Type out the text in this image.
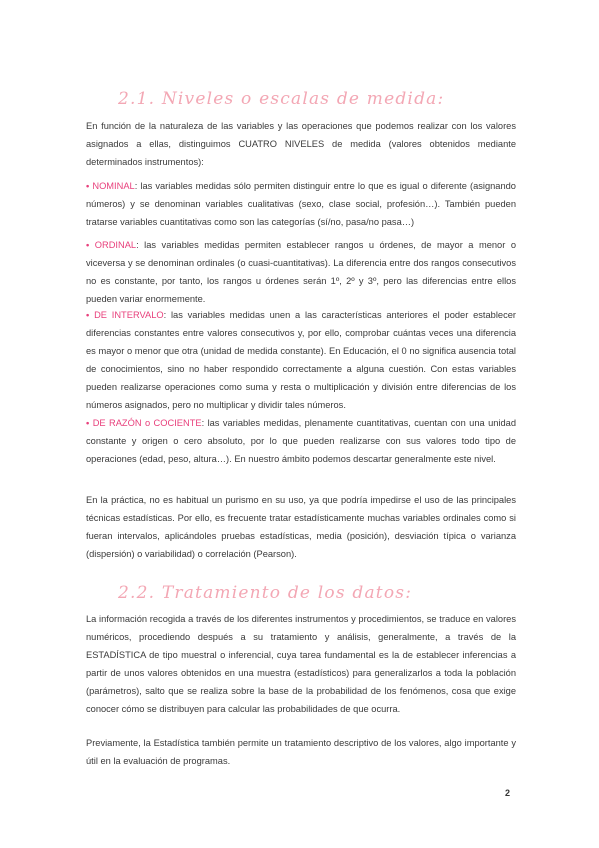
2.1. Niveles o escalas de medida:

En función de la naturaleza de las variables y las operaciones que podemos realizar con los valores asignados a ellas, distinguimos CUATRO NIVELES de medida (valores obtenidos mediante determinados instrumentos):

• NOMINAL: las variables medidas sólo permiten distinguir entre lo que es igual o diferente (asignando números) y se denominan variables cualitativas (sexo, clase social, profesión…). También pueden tratarse variables cuantitativas como son las categorías (sí/no, pasa/no pasa…)

• ORDINAL: las variables medidas permiten establecer rangos u órdenes, de mayor a menor o viceversa y se denominan ordinales (o cuasi-cuantitativas). La diferencia entre dos rangos consecutivos no es constante, por tanto, los rangos u órdenes serán 1º, 2º y 3º, pero las diferencias entre ellos pueden variar enormemente.

• DE INTERVALO: las variables medidas unen a las características anteriores el poder establecer diferencias constantes entre valores consecutivos y, por ello, comprobar cuántas veces una diferencia es mayor o menor que otra (unidad de medida constante). En Educación, el 0 no significa ausencia total de conocimientos, sino no haber respondido correctamente a alguna cuestión. Con estas variables pueden realizarse operaciones como suma y resta o multiplicación y división entre diferencias de los números asignados, pero no multiplicar y dividir tales números.

• DE RAZÓN o COCIENTE: las variables medidas, plenamente cuantitativas, cuentan con una unidad constante y origen o cero absoluto, por lo que pueden realizarse con sus valores todo tipo de operaciones (edad, peso, altura…). En nuestro ámbito podemos descartar generalmente este nivel.

En la práctica, no es habitual un purismo en su uso, ya que podría impedirse el uso de las principales técnicas estadísticas. Por ello, es frecuente tratar estadísticamente muchas variables ordinales como si fueran intervalos, aplicándoles pruebas estadísticas, media (posición), desviación típica o varianza (dispersión) o variabilidad) o correlación (Pearson).

2.2. Tratamiento de los datos:

La información recogida a través de los diferentes instrumentos y procedimientos, se traduce en valores numéricos, procediendo después a su tratamiento y análisis, generalmente, a través de la ESTADÍSTICA de tipo muestral o inferencial, cuya tarea fundamental es la de establecer inferencias a partir de unos valores obtenidos en una muestra (estadísticos) para generalizarlos a toda la población (parámetros), salto que se realiza sobre la base de la probabilidad de los fenómenos, cosa que exige conocer cómo se distribuyen para calcular las probabilidades de que ocurra.

Previamente, la Estadística también permite un tratamiento descriptivo de los valores, algo importante y útil en la evaluación de programas.

2
